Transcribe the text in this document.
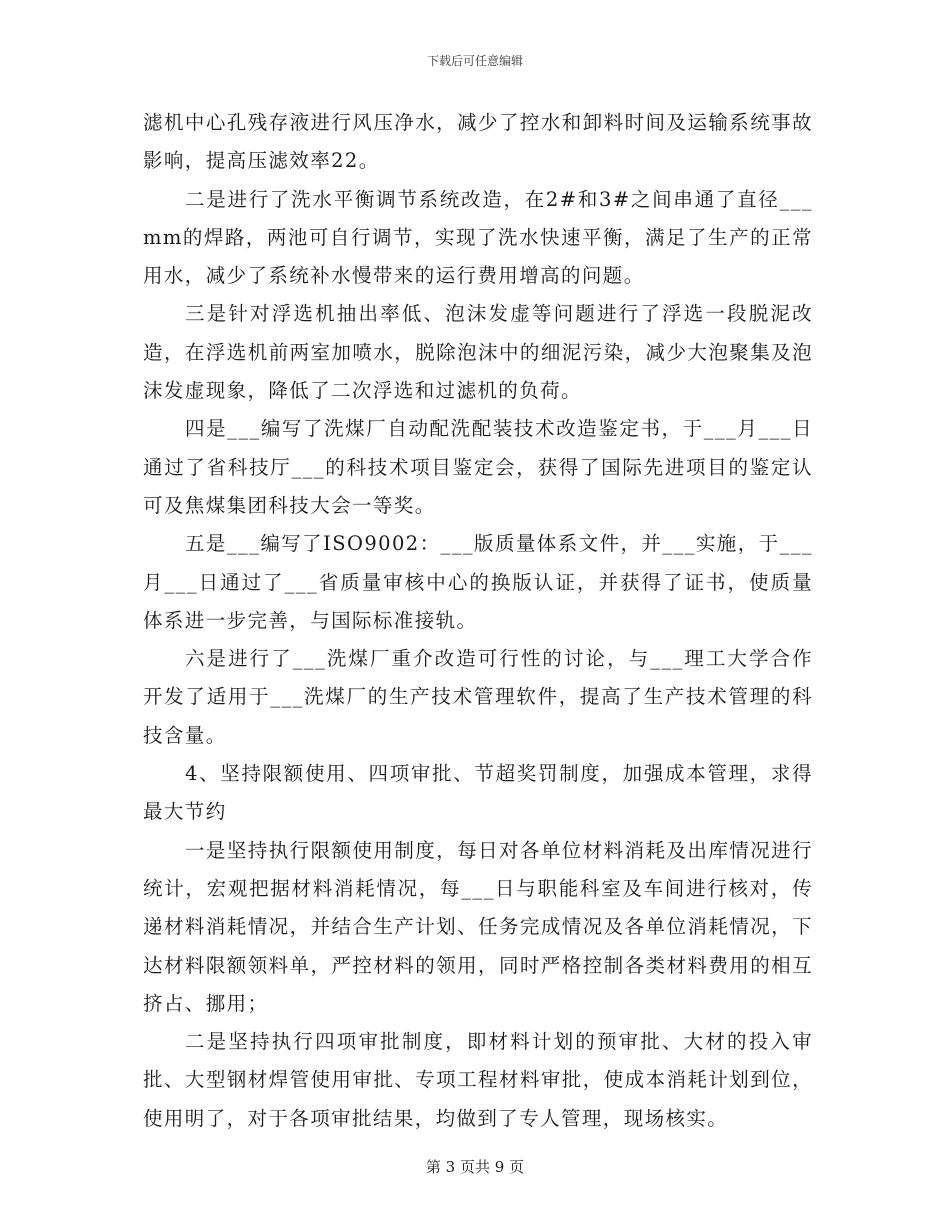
下载后可任意编辑

滤机中心孔残存液进行风压净水，减少了控水和卸料时间及运输系统事故影响，提高压滤效率22。

二是进行了洗水平衡调节系统改造，在2#和3#之间串通了直径___mm的焊路，两池可自行调节，实现了洗水快速平衡，满足了生产的正常用水，减少了系统补水慢带来的运行费用增高的问题。

三是针对浮选机抽出率低、泡沫发虚等问题进行了浮选一段脱泥改造，在浮选机前两室加喷水，脱除泡沫中的细泥污染，减少大泡聚集及泡沫发虚现象，降低了二次浮选和过滤机的负荷。

四是___编写了洗煤厂自动配洗配装技术改造鉴定书，于___月___日通过了省科技厅___的科技术项目鉴定会，获得了国际先进项目的鉴定认可及焦煤集团科技大会一等奖。

五是___编写了ISO9002：___版质量体系文件，并___实施，于___月___日通过了___省质量审核中心的换版认证，并获得了证书，使质量体系进一步完善，与国际标准接轨。

六是进行了___洗煤厂重介改造可行性的讨论，与___理工大学合作开发了适用于___洗煤厂的生产技术管理软件，提高了生产技术管理的科技含量。

4、坚持限额使用、四项审批、节超奖罚制度，加强成本管理，求得最大节约

一是坚持执行限额使用制度，每日对各单位材料消耗及出库情况进行统计，宏观把据材料消耗情况，每___日与职能科室及车间进行核对，传递材料消耗情况，并结合生产计划、任务完成情况及各单位消耗情况，下达材料限额领料单，严控材料的领用，同时严格控制各类材料费用的相互挤占、挪用；

二是坚持执行四项审批制度，即材料计划的预审批、大材的投入审批、大型钢材焊管使用审批、专项工程材料审批，使成本消耗计划到位，使用明了，对于各项审批结果，均做到了专人管理，现场核实。

第 3 页共 9 页
